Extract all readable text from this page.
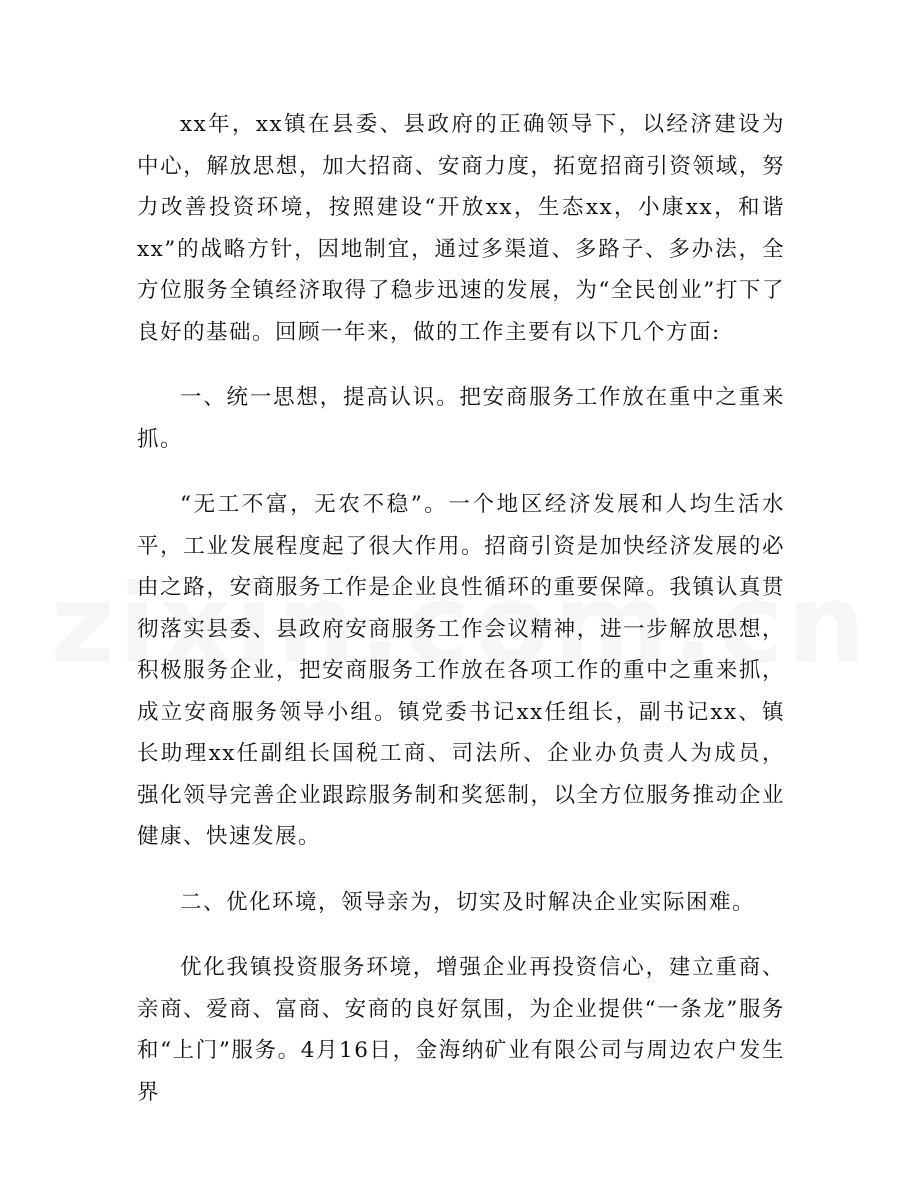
xx年，xx镇在县委、县政府的正确领导下，以经济建设为中心，解放思想，加大招商、安商力度，拓宽招商引资领域，努力改善投资环境，按照建设“开放xx，生态xx，小康xx，和谐xx”的战略方针，因地制宜，通过多渠道、多路子、多办法，全方位服务全镇经济取得了稳步迅速的发展，为“全民创业”打下了良好的基础。回顾一年来，做的工作主要有以下几个方面:

一、统一思想，提高认识。把安商服务工作放在重中之重来抓。

“无工不富，无农不稳”。一个地区经济发展和人均生活水平，工业发展程度起了很大作用。招商引资是加快经济发展的必由之路，安商服务工作是企业良性循环的重要保障。我镇认真贯彻落实县委、县政府安商服务工作会议精神，进一步解放思想，积极服务企业，把安商服务工作放在各项工作的重中之重来抓，成立安商服务领导小组。镇党委书记xx任组长，副书记xx、镇长助理xx任副组长国税工商、司法所、企业办负责人为成员，强化领导完善企业跟踪服务制和奖惩制，以全方位服务推动企业健康、快速发展。

二、优化环境，领导亲为，切实及时解决企业实际困难。

优化我镇投资服务环境，增强企业再投资信心，建立重商、亲商、爱商、富商、安商的良好氛围，为企业提供“一条龙”服务和“上门”服务。4月16日，金海纳矿业有限公司与周边农户发生界
